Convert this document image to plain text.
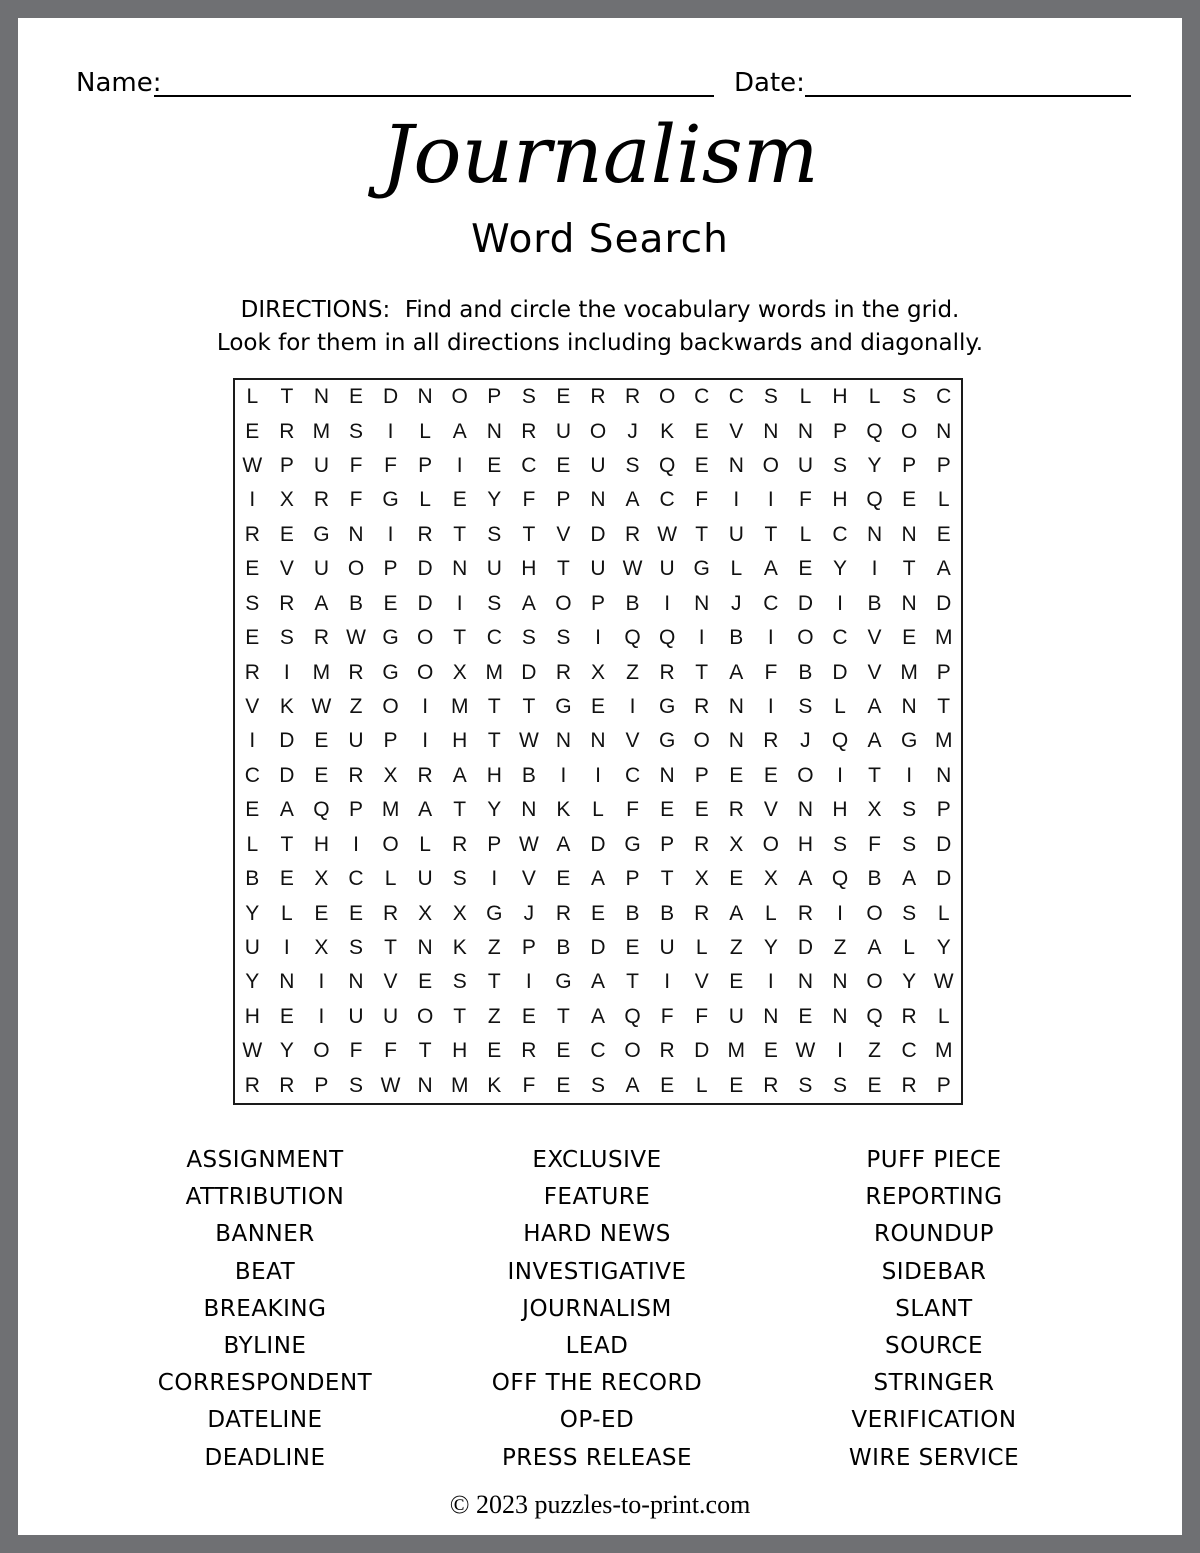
Name:	Date:
Journalism
Word Search
DIRECTIONS:  Find and circle the vocabulary words in the grid.
Look for them in all directions including backwards and diagonally.
L	T N E D N O P S E R R O C C S	L	H	L	S C
E R M S	I	L	A N R U O	J	K E V N N P Q O N
W P U F	F	P	I	E C E U S Q E N O U S Y P P
I	X R F G L	E Y	F	P N A C F	I	I	F H Q E	L
R E G N	I	R T	S	T	V D R W T U T	L	C N N E
E V U O P D N U H T U W U G L	A E Y	I	T	A
S R A B E D	I	S A O P B	I	N	J	C D	I	B N D
E S R W G O T C S S	I	Q Q	I	B	I	O C V E M
R	I	M R G O X M D R X	Z R T	A	F	B D V M P
V K W Z O	I	M T	T G E	I	G R N	I	S	L	A N T
I	D E U P	I	H T W N N V G O N R	J	Q A G M
C D E R X R A H B	I	I	C N P E E O	I	T	I	N
E A Q P M A	T	Y N K	L	F	E E R V N H X S P
L	T H	I	O L	R P W A D G P R X O H S	F	S D
B E X C	L	U S	I	V E A P	T	X E X A Q B A D
Y	L	E E R X X G	J	R E B B R A	L	R	I	O S	L
U	I	X S	T N K	Z	P B D E U	L	Z	Y D Z	A	L	Y
Y N	I	N V E S	T	I	G A	T	I	V E	I	N N O Y W
H E	I	U U O T	Z	E	T	A Q F	F U N E N Q R	L
W Y O F	F	T H E R E C O R D M E W	I	Z C M
R R P S W N M K	F	E S A E	L	E R S S E R P
ASSIGNMENT
ATTRIBUTION
BANNER
BEAT
BREAKING
BYLINE
CORRESPONDENT
DATELINE
DEADLINE
EXCLUSIVE
FEATURE
HARD NEWS
INVESTIGATIVE
JOURNALISM
LEAD
OFF THE RECORD
OP-ED
PRESS RELEASE
PUFF PIECE
REPORTING
ROUNDUP
SIDEBAR
SLANT
SOURCE
STRINGER
VERIFICATION
WIRE SERVICE
© 2023 puzzles-to-print.com
